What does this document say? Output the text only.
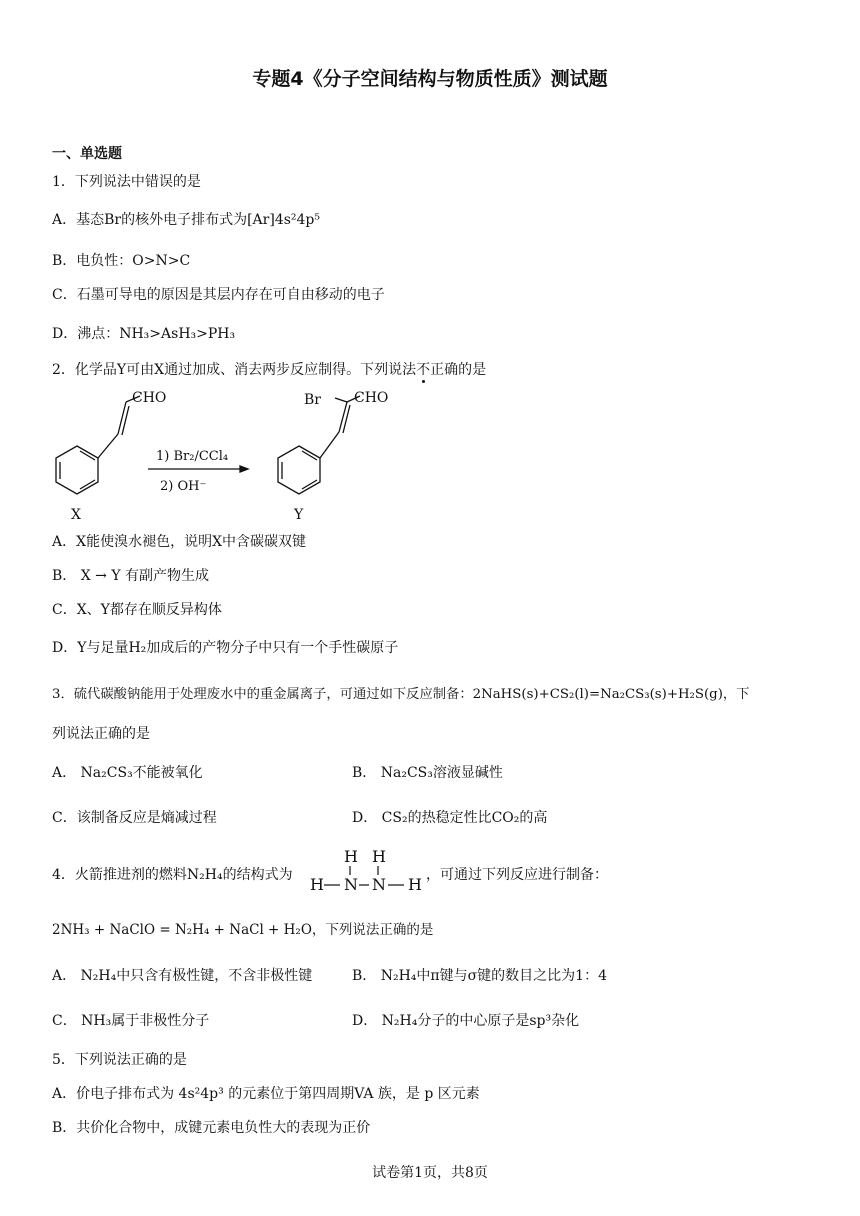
专题4《分子空间结构与物质性质》测试题
一、单选题
1．下列说法中错误的是
A．基态Br的核外电子排布式为[Ar]4s²4p⁵
B．电负性：O>N>C
C．石墨可导电的原因是其层内存在可自由移动的电子
D．沸点：NH₃>AsH₃>PH₃
2．化学品Y可由X通过加成、消去两步反应制得。下列说法不正确的是
CHO
X
1) Br₂/CCl₄
2) OH⁻
Br CHO
Y
A．X能使溴水褪色，说明X中含碳碳双键
B． X → Y 有副产物生成
C．X、Y都存在顺反异构体
D．Y与足量H₂加成后的产物分子中只有一个手性碳原子
3．硫代碳酸钠能用于处理废水中的重金属离子，可通过如下反应制备：2NaHS(s)+CS₂(l)=Na₂CS₃(s)+H₂S(g)，下
列说法正确的是
A． Na₂CS₃不能被氧化	B． Na₂CS₃溶液显碱性
C．该制备反应是熵减过程	D． CS₂的热稳定性比CO₂的高
4．火箭推进剂的燃料N₂H₄的结构式为
H H
H N N H ，可通过下列反应进行制备：
2NH₃ + NaClO = N₂H₄ + NaCl + H₂O，下列说法正确的是
A． N₂H₄中只含有极性键，不含非极性键	B． N₂H₄中π键与σ键的数目之比为1：4
C． NH₃属于非极性分子	D． N₂H₄分子的中心原子是sp³杂化
5．下列说法正确的是
A．价电子排布式为 4s²4p³ 的元素位于第四周期VA 族，是 p 区元素
B．共价化合物中，成键元素电负性大的表现为正价
试卷第1页，共8页
